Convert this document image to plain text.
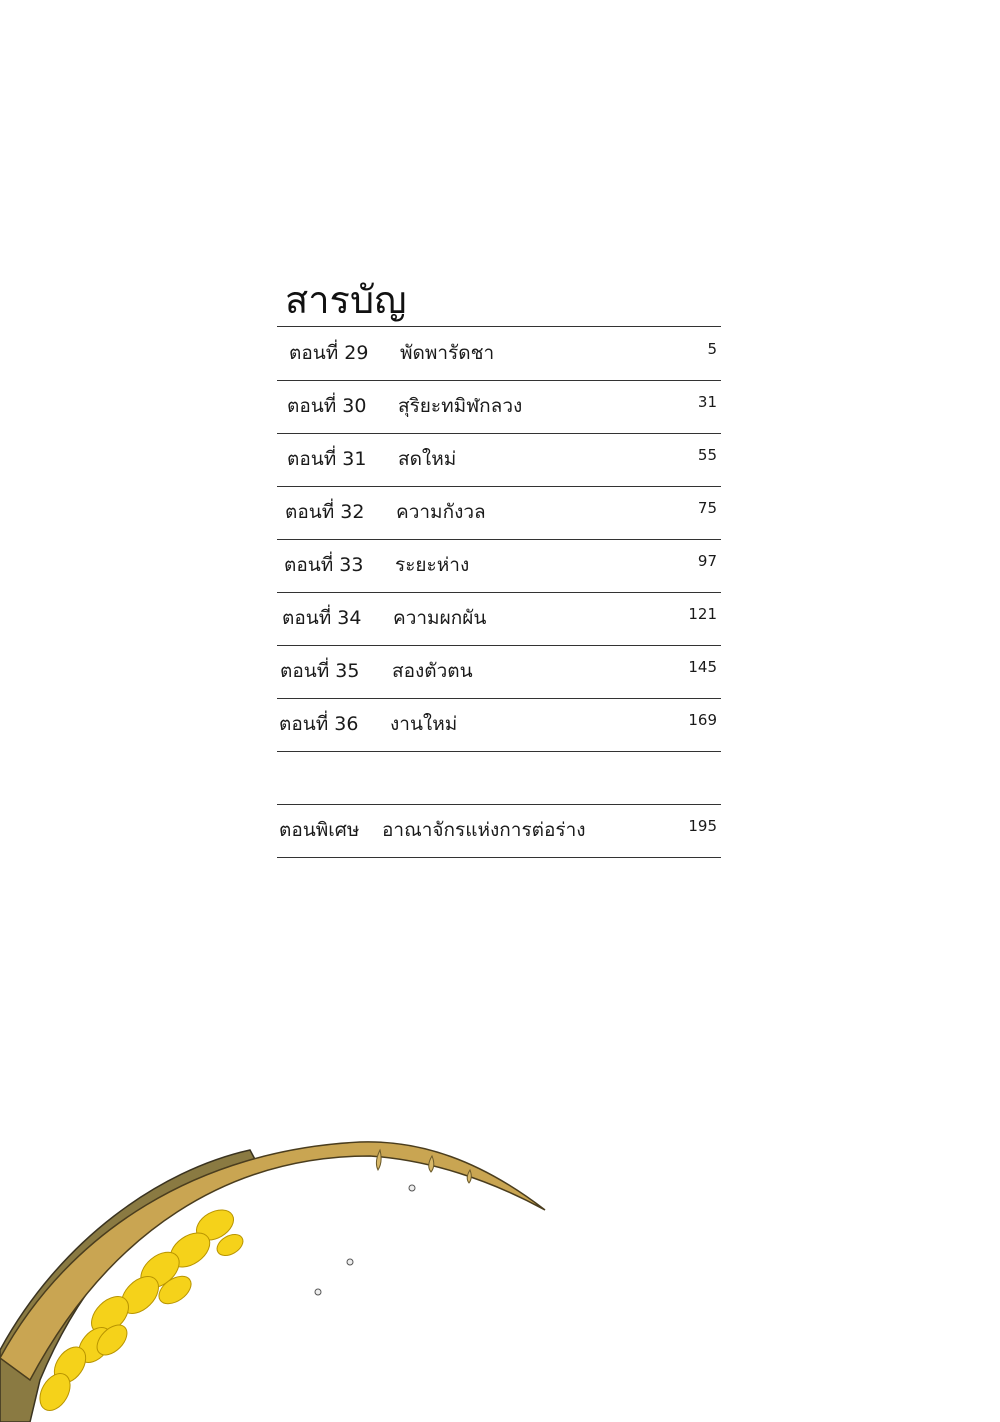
สารบัญ
ตอนที่ 29 พัดพารัดชา	5
ตอนที่ 30 สุริยะทมิฬกลวง	31
ตอนที่ 31 สดใหม่	55
ตอนที่ 32 ความกังวล	75
ตอนที่ 33 ระยะห่าง	97
ตอนที่ 34 ความผกผัน	121
ตอนที่ 35 สองตัวตน	145
ตอนที่ 36 งานใหม่	169
ตอนพิเศษ อาณาจักรแห่งการต่อร่าง	195
